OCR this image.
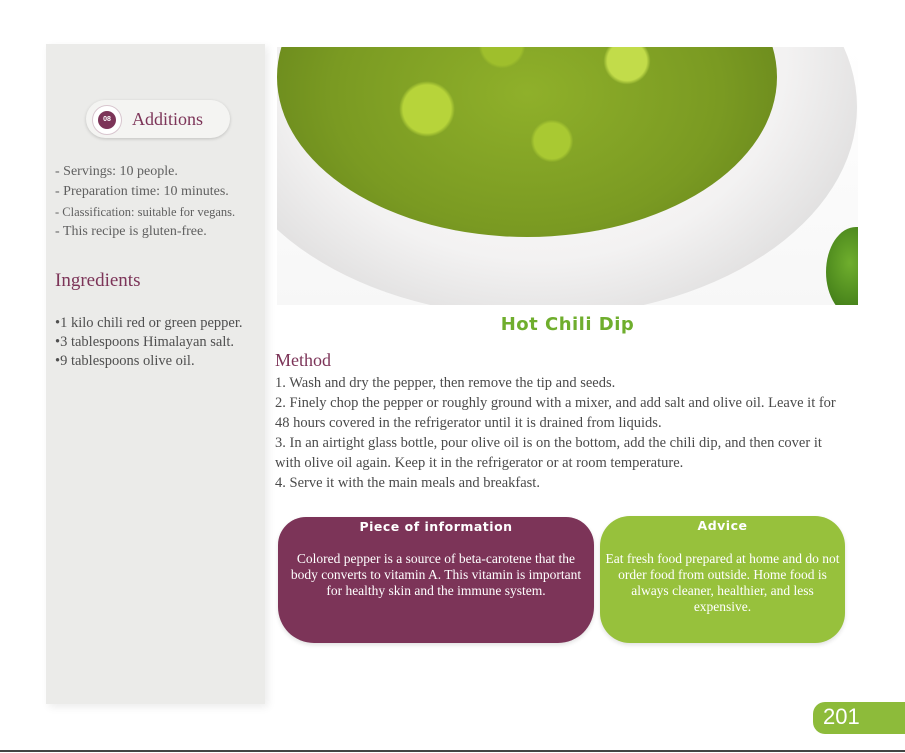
08 Additions
- Servings: 10 people.
- Preparation time: 10 minutes.
- Classification: suitable for vegans.
- This recipe is gluten-free.
Ingredients
•1 kilo chili red or green pepper.
•3 tablespoons Himalayan salt.
•9 tablespoons olive oil.
Hot Chili Dip
Method
1. Wash and dry the pepper, then remove the tip and seeds.
2. Finely chop the pepper or roughly ground with a mixer, and add salt and olive oil. Leave it for 48 hours covered in the refrigerator until it is drained from liquids.
3. In an airtight glass bottle, pour olive oil is on the bottom, add the chili dip, and then cover it with olive oil again. Keep it in the refrigerator or at room temperature.
4. Serve it with the main meals and breakfast.
Piece of information
Colored pepper is a source of beta-carotene that the body converts to vitamin A. This vitamin is important for healthy skin and the immune system.
Advice
Eat fresh food prepared at home and do not order food from outside. Home food is always cleaner, healthier, and less expensive.
201
